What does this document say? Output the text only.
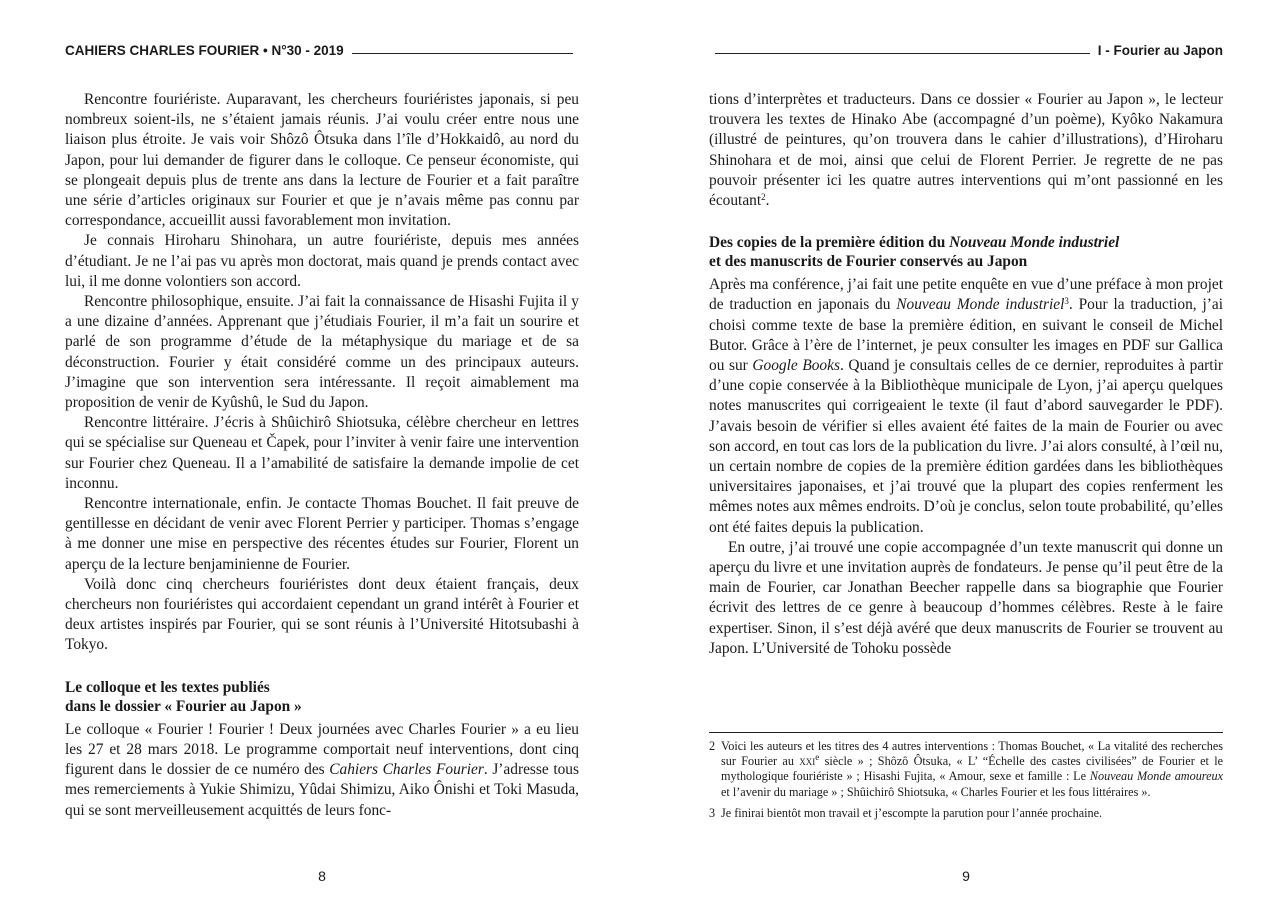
CAHIERS CHARLES FOURIER • N°30 - 2019

Rencontre fouriériste. Auparavant, les chercheurs fouriéristes japonais, si peu nombreux soient-ils, ne s’étaient jamais réunis. J’ai voulu créer entre nous une liaison plus étroite. Je vais voir Shôzô Ôtsuka dans l’île d’Hokkaidô, au nord du Japon, pour lui demander de figurer dans le colloque. Ce penseur économiste, qui se plongeait depuis plus de trente ans dans la lecture de Fourier et a fait paraître une série d’articles originaux sur Fourier et que je n’avais même pas connu par correspondance, accueillit aussi favorablement mon invitation.

Je connais Hiroharu Shinohara, un autre fouriériste, depuis mes années d’étudiant. Je ne l’ai pas vu après mon doctorat, mais quand je prends contact avec lui, il me donne volontiers son accord.

Rencontre philosophique, ensuite. J’ai fait la connaissance de Hisashi Fujita il y a une dizaine d’années. Apprenant que j’étudiais Fourier, il m’a fait un sourire et parlé de son programme d’étude de la métaphysique du mariage et de sa déconstruction. Fourier y était considéré comme un des principaux auteurs. J’imagine que son intervention sera intéressante. Il reçoit aimablement ma proposition de venir de Kyûshû, le Sud du Japon.

Rencontre littéraire. J’écris à Shûichirô Shiotsuka, célèbre chercheur en lettres qui se spécialise sur Queneau et Čapek, pour l’inviter à venir faire une intervention sur Fourier chez Queneau. Il a l’amabilité de satisfaire la demande impolie de cet inconnu.

Rencontre internationale, enfin. Je contacte Thomas Bouchet. Il fait preuve de gentillesse en décidant de venir avec Florent Perrier y participer. Thomas s’engage à me donner une mise en perspective des récentes études sur Fourier, Florent un aperçu de la lecture benjaminienne de Fourier.

Voilà donc cinq chercheurs fouriéristes dont deux étaient français, deux chercheurs non fouriéristes qui accordaient cependant un grand intérêt à Fourier et deux artistes inspirés par Fourier, qui se sont réunis à l’Université Hitotsubashi à Tokyo.

Le colloque et les textes publiés
dans le dossier « Fourier au Japon »

Le colloque « Fourier ! Fourier ! Deux journées avec Charles Fourier » a eu lieu les 27 et 28 mars 2018. Le programme comportait neuf interventions, dont cinq figurent dans le dossier de ce numéro des Cahiers Charles Fourier. J’adresse tous mes remerciements à Yukie Shimizu, Yûdai Shimizu, Aiko Ônishi et Toki Masuda, qui se sont merveilleusement acquittés de leurs fonc-

8
I - Fourier au Japon

tions d’interprètes et traducteurs. Dans ce dossier « Fourier au Japon », le lecteur trouvera les textes de Hinako Abe (accompagné d’un poème), Kyôko Nakamura (illustré de peintures, qu’on trouvera dans le cahier d’illustrations), d’Hiroharu Shinohara et de moi, ainsi que celui de Florent Perrier. Je regrette de ne pas pouvoir présenter ici les quatre autres interventions qui m’ont passionné en les écoutant$^2$.

Des copies de la première édition du Nouveau Monde industriel
et des manuscrits de Fourier conservés au Japon

Après ma conférence, j’ai fait une petite enquête en vue d’une préface à mon projet de traduction en japonais du Nouveau Monde industriel$^3$. Pour la traduction, j’ai choisi comme texte de base la première édition, en suivant le conseil de Michel Butor. Grâce à l’ère de l’internet, je peux consulter les images en PDF sur Gallica ou sur Google Books. Quand je consultais celles de ce dernier, reproduites à partir d’une copie conservée à la Bibliothèque municipale de Lyon, j’ai aperçu quelques notes manuscrites qui corrigeaient le texte (il faut d’abord sauvegarder le PDF). J’avais besoin de vérifier si elles avaient été faites de la main de Fourier ou avec son accord, en tout cas lors de la publication du livre. J’ai alors consulté, à l’œil nu, un certain nombre de copies de la première édition gardées dans les bibliothèques universitaires japonaises, et j’ai trouvé que la plupart des copies renferment les mêmes notes aux mêmes endroits. D’où je conclus, selon toute probabilité, qu’elles ont été faites depuis la publication.

En outre, j’ai trouvé une copie accompagnée d’un texte manuscrit qui donne un aperçu du livre et une invitation auprès de fondateurs. Je pense qu’il peut être de la main de Fourier, car Jonathan Beecher rappelle dans sa biographie que Fourier écrivit des lettres de ce genre à beaucoup d’hommes célèbres. Reste à le faire expertiser. Sinon, il s’est déjà avéré que deux manuscrits de Fourier se trouvent au Japon. L’Université de Tohoku possède

2 Voici les auteurs et les titres des 4 autres interventions : Thomas Bouchet, « La vitalité des recherches sur Fourier au xxi$^e$ siècle » ; Shôzô Ôtsuka, « L’ “Échelle des castes civilisées” de Fourier et le mythologique fouriériste » ; Hisashi Fujita, « Amour, sexe et famille : Le Nouveau Monde amoureux et l’avenir du mariage » ; Shûichirô Shiotsuka, « Charles Fourier et les fous littéraires ».
3 Je finirai bientôt mon travail et j’escompte la parution pour l’année prochaine.
9
